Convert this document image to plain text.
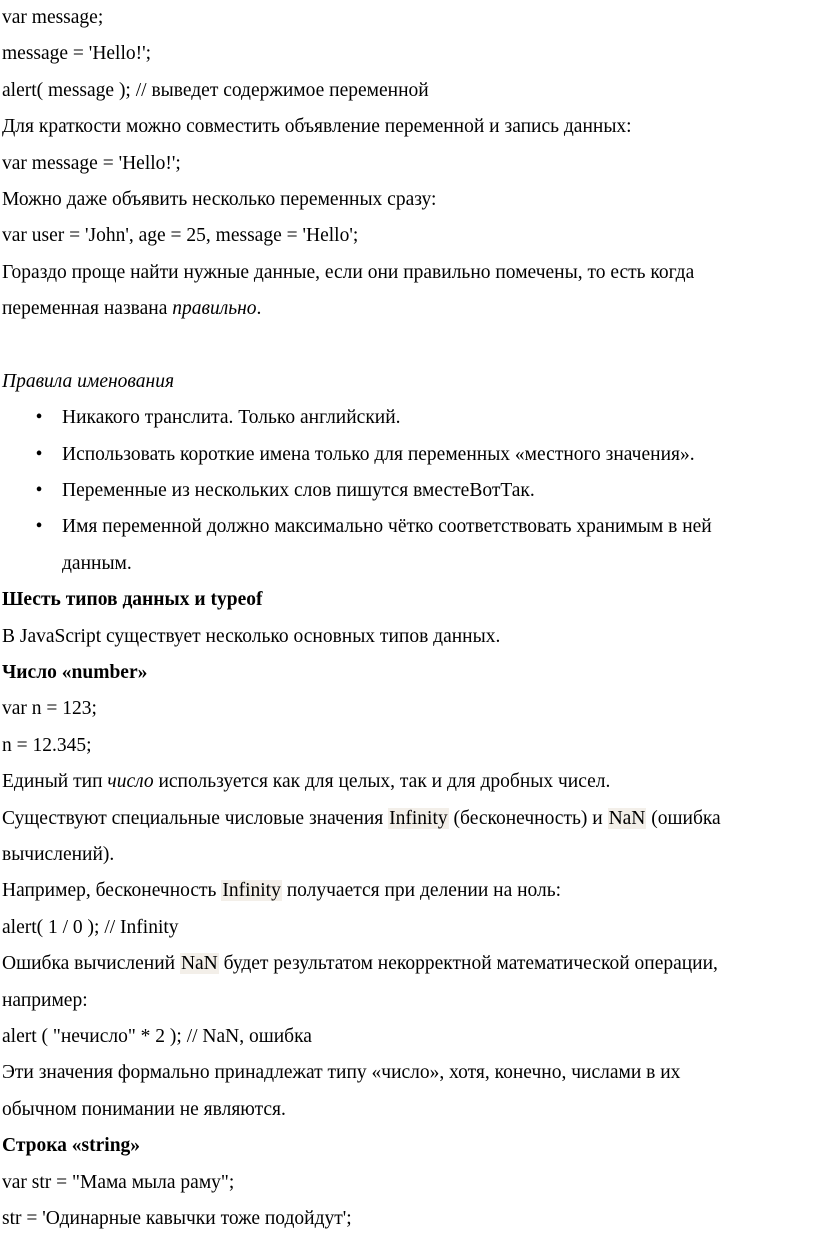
var message;
message = 'Hello!';
alert( message ); // выведет содержимое переменной
Для краткости можно совместить объявление переменной и запись данных:
var message = 'Hello!';
Можно даже объявить несколько переменных сразу:
var user = 'John', age = 25, message = 'Hello';
Гораздо проще найти нужные данные, если они правильно помечены, то есть когда
переменная названа правильно.
Правила именования
• Никакого транслита. Только английский.
• Использовать короткие имена только для переменных «местного значения».
• Переменные из нескольких слов пишутся вместеВотТак.
• Имя переменной должно максимально чётко соответствовать хранимым в ней
данным.
Шесть типов данных и typeof
В JavaScript существует несколько основных типов данных.
Число «number»
var n = 123;
n = 12.345;
Единый тип число используется как для целых, так и для дробных чисел.
Существуют специальные числовые значения Infinity (бесконечность) и NaN (ошибка
вычислений).
Например, бесконечность Infinity получается при делении на ноль:
alert( 1 / 0 ); // Infinity
Ошибка вычислений NaN будет результатом некорректной математической операции,
например:
alert ( "нечисло" * 2 ); // NaN, ошибка
Эти значения формально принадлежат типу «число», хотя, конечно, числами в их
обычном понимании не являются.
Строка «string»
var str = "Мама мыла раму";
str = 'Одинарные кавычки тоже подойдут';
